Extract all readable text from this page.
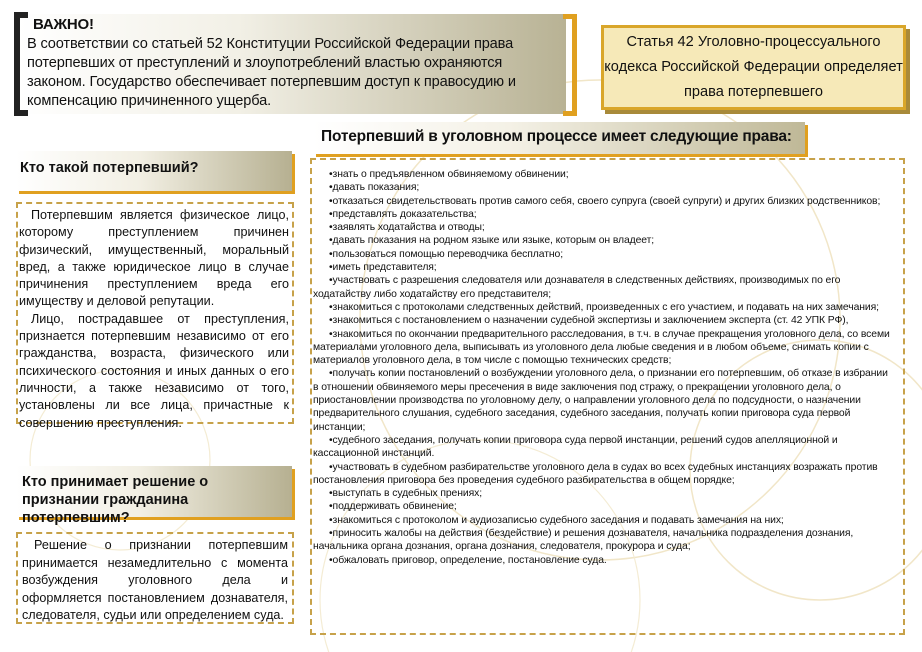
ВАЖНО!
В соответствии со статьей 52 Конституции Российской Федерации права потерпевших от преступлений и злоупотреблений властью охраняются законом. Государство обеспечивает потерпевшим доступ к правосудию и компенсацию причиненного ущерба.
Статья 42 Уголовно-процессуального кодекса Российской Федерации определяет права потерпевшего
Потерпевший в уголовном процессе имеет следующие права:
•знать о предъявленном обвиняемому обвинении;
•давать показания;
•отказаться свидетельствовать против самого себя, своего супруга (своей супруги) и других близких родственников;
•представлять доказательства;
•заявлять ходатайства и отводы;
•давать показания на родном языке или языке, которым он владеет;
•пользоваться помощью переводчика бесплатно;
•иметь представителя;
•участвовать с разрешения следователя или дознавателя в следственных действиях, производимых по его ходатайству либо ходатайству его представителя;
•знакомиться с протоколами следственных действий, произведенных с его участием, и подавать на них замечания;
•знакомиться с постановлением о назначении судебной экспертизы и заключением эксперта (ст. 42 УПК РФ),
•знакомиться по окончании предварительного расследования, в т.ч. в случае прекращения уголовного дела, со всеми материалами уголовного дела, выписывать из уголовного дела любые сведения и в любом объеме, снимать копии с материалов уголовного дела, в том числе с помощью технических средств;
•получать копии постановлений о возбуждении уголовного дела, о признании его потерпевшим, об отказе в избрании в отношении обвиняемого меры пресечения в виде заключения под стражу, о прекращении уголовного дела, о приостановлении производства по уголовному делу, о направлении уголовного дела по подсудности, о назначении предварительного слушания, судебного заседания, судебного заседания, получать копии приговора суда первой инстанции;
•судебного заседания, получать копии приговора суда первой инстанции, решений судов апелляционной и кассационной инстанций.
•участвовать в судебном разбирательстве уголовного дела в судах во всех судебных инстанциях возражать против постановления приговора без проведения судебного разбирательства в общем порядке;
•выступать в судебных прениях;
•поддерживать обвинение;
•знакомиться с протоколом и аудиозаписью судебного заседания и подавать замечания на них;
•приносить жалобы на действия (бездействие) и решения дознавателя, начальника подразделения дознания, начальника органа дознания, органа дознания, следователя, прокурора и суда;
•обжаловать приговор, определение, постановление суда.
Кто такой потерпевший?

Потерпевшим является физическое лицо, которому преступлением причинен физический, имущественный, моральный вред, а также юридическое лицо в случае причинения преступлением вреда его имуществу и деловой репутации.

Лицо, пострадавшее от преступления, признается потерпевшим независимо от его гражданства, возраста, физического или психического состояния и иных данных о его личности, а также независимо от того, установлены ли все лица, причастные к совершению преступления.

Кто принимает решение о признании гражданина потерпевшим?

Решение о признании потерпевшим принимается незамедлительно с момента возбуждения уголовного дела и оформляется постановлением дознавателя, следователя, судьи или определением суда.
